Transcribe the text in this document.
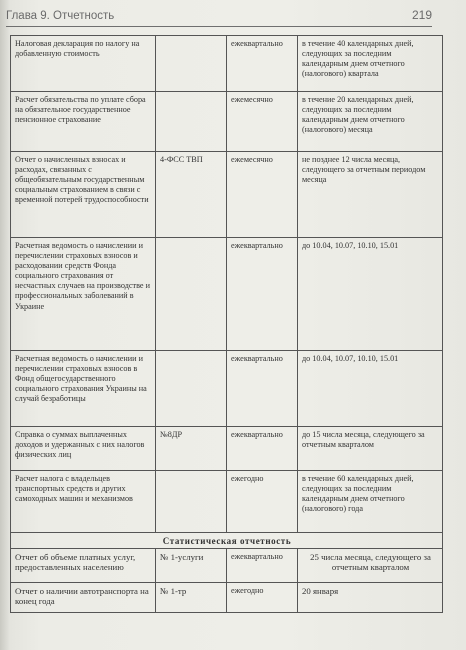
Глава 9. Отчетность	219
Налоговая декларация по налогу на добавленную стоимость		ежеквартально	в течение 40 календарных дней, следующих за последним календарным днем отчетного (налогового) квартала
Расчет обязательства по уплате сбора на обязательное государственное пенсионное страхование		ежемесячно	в течение 20 календарных дней, следующих за последним календарным днем отчетного (налогового) месяца
Отчет о начисленных взносах и расходах, связанных с общеобязательным государственным социальным страхованием в связи с временной потерей трудоспособности	4-ФСС ТВП	ежемесячно	не позднее 12 числа месяца, следующего за отчетным периодом месяца
Расчетная ведомость о начислении и перечислении страховых взносов и расходовании средств Фонда социального страхования от несчастных случаев на производстве и профессиональных заболеваний в Украине		ежеквартально	до 10.04, 10.07, 10.10, 15.01
Расчетная ведомость о начислении и перечислении страховых взносов в Фонд общегосударственного социального страхования Украины на случай безработицы		ежеквартально	до 10.04, 10.07, 10.10, 15.01
Справка о суммах выплаченных доходов и удержанных с них налогов физических лиц	№8ДР	ежеквартально	до 15 числа месяца, следующего за отчетным кварталом
Расчет налога с владельцев транспортных средств и других самоходных машин и механизмов		ежегодно	в течение 60 календарных дней, следующих за последним календарным днем отчетного (налогового) года
Статистическая отчетность			
Отчет об объеме платных услуг, предоставленных населению	№ 1-услуги	ежеквартально	25 числа месяца, следующего за отчетным кварталом
Отчет о наличии автотранспорта на конец года	№ 1-тр	ежегодно	20 января
